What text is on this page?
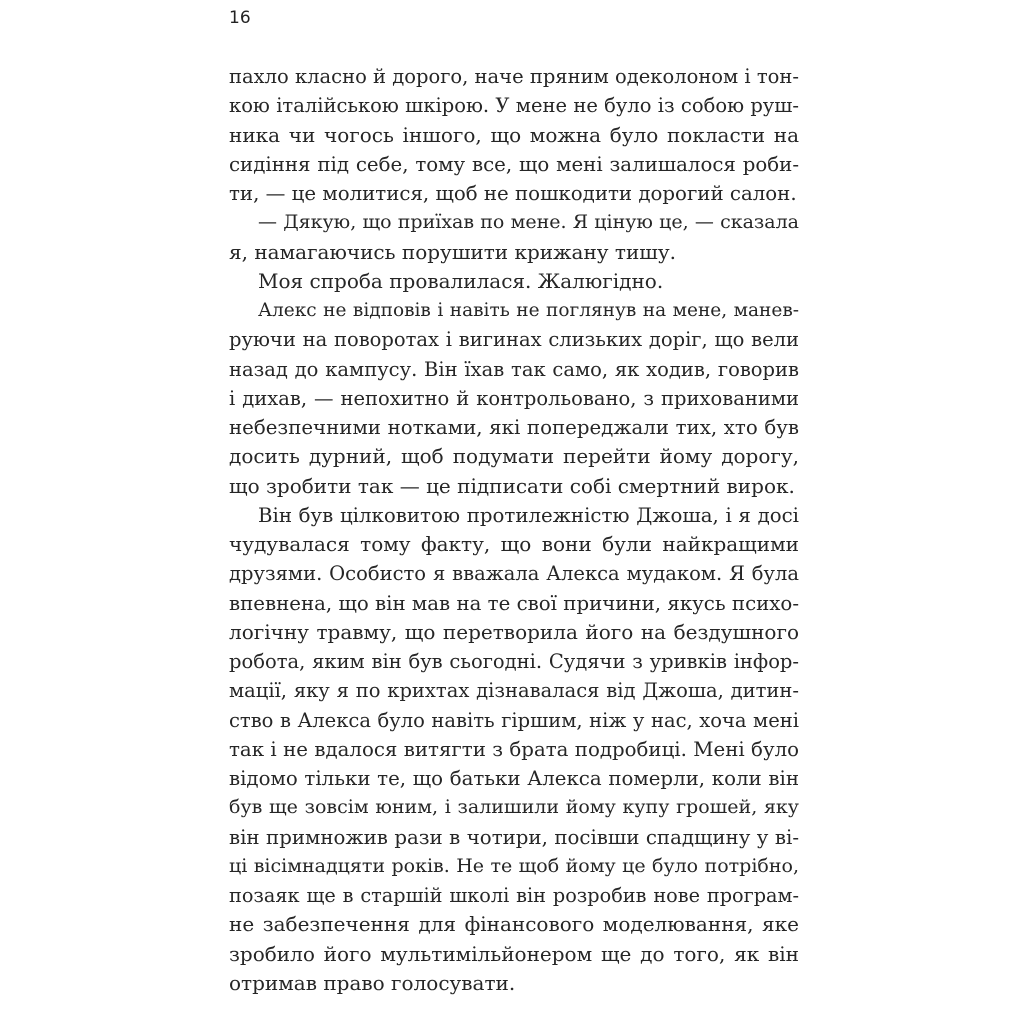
16
пахло класно й дорого, наче пряним одеколоном і тон-
кою італійською шкірою. У мене не було із собою руш-
ника чи чогось іншого, що можна було покласти на
сидіння під себе, тому все, що мені залишалося роби-
ти, — це молитися, щоб не пошкодити дорогий салон.
— Дякую, що приїхав по мене. Я ціную це, — сказала
я, намагаючись порушити крижану тишу.
Моя спроба провалилася. Жалюгідно.
Алекс не відповів і навіть не поглянув на мене, манев-
руючи на поворотах і вигинах слизьких доріг, що вели
назад до кампусу. Він їхав так само, як ходив, говорив
і дихав, — непохитно й контрольовано, з прихованими
небезпечними нотками, які попереджали тих, хто був
досить дурний, щоб подумати перейти йому дорогу,
що зробити так — це підписати собі смертний вирок.
Він був цілковитою протилежністю Джоша, і я досі
чудувалася тому факту, що вони були найкращими
друзями. Особисто я вважала Алекса мудаком. Я була
впевнена, що він мав на те свої причини, якусь психо-
логічну травму, що перетворила його на бездушного
робота, яким він був сьогодні. Судячи з уривків інфор-
мації, яку я по крихтах дізнавалася від Джоша, дитин-
ство в Алекса було навіть гіршим, ніж у нас, хоча мені
так і не вдалося витягти з брата подробиці. Мені було
відомо тільки те, що батьки Алекса померли, коли він
був ще зовсім юним, і залишили йому купу грошей, яку
він примножив рази в чотири, посівши спадщину у ві-
ці вісімнадцяти років. Не те щоб йому це було потрібно,
позаяк ще в старшій школі він розробив нове програм-
не забезпечення для фінансового моделювання, яке
зробило його мультимільйонером ще до того, як він
отримав право голосувати.
